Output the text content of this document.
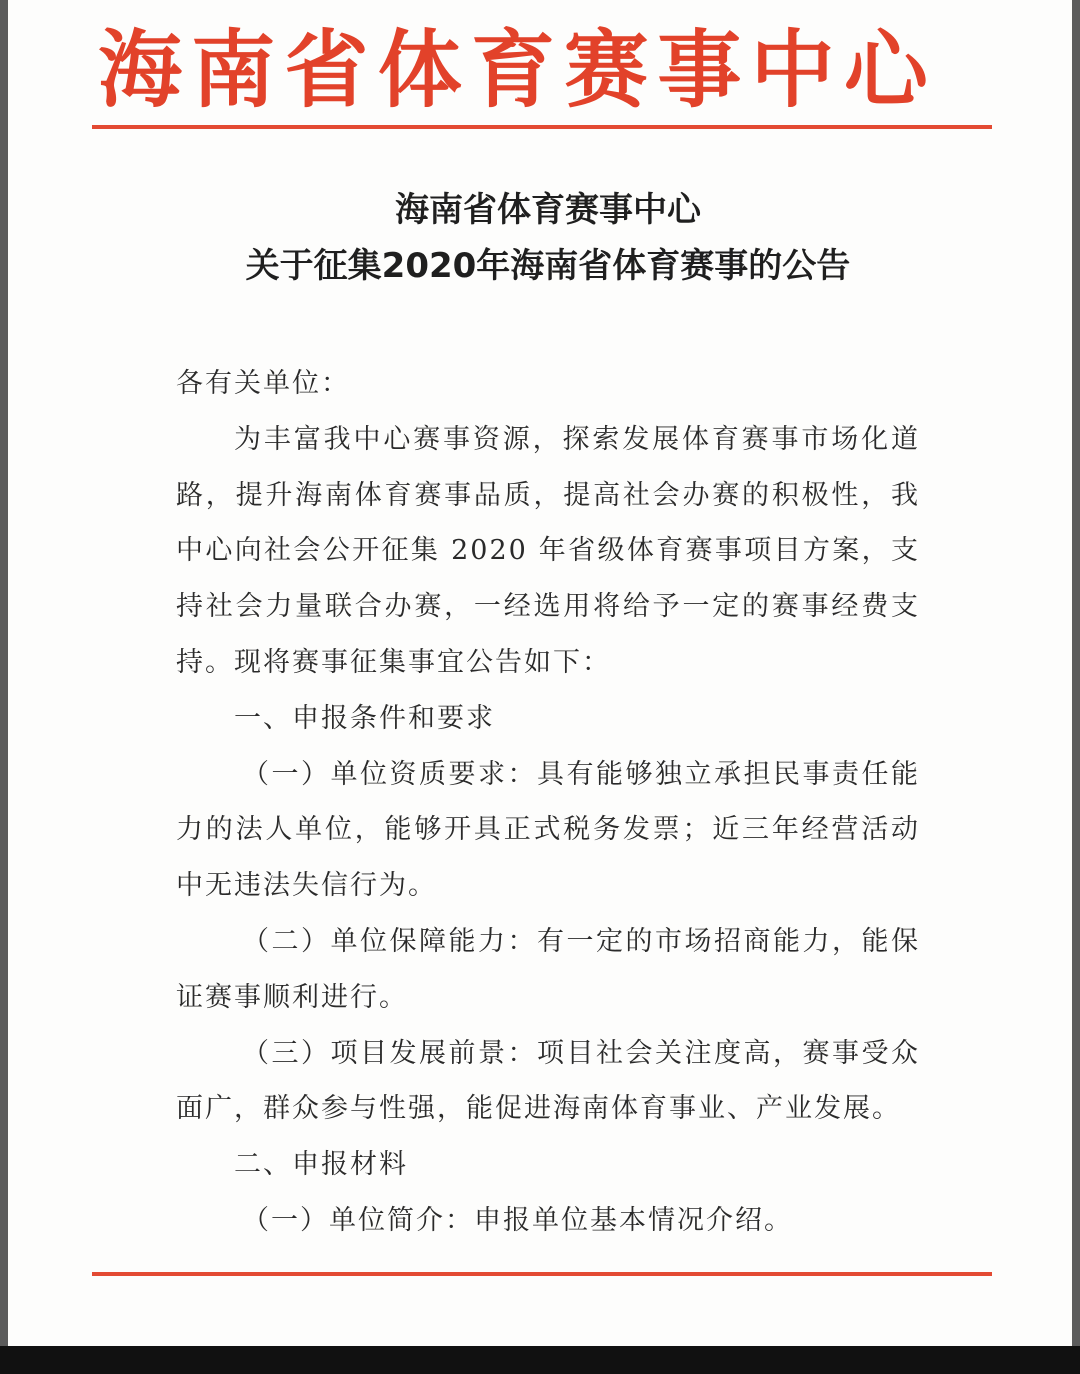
海 南 省 体 育 赛 事 中 心
海南省体育赛事中心
关于征集2020年海南省体育赛事的公告

各有关单位：

为丰富我中心赛事资源，探索发展体育赛事市场化道路，提升海南体育赛事品质，提高社会办赛的积极性，我中心向社会公开征集 2020 年省级体育赛事项目方案，支持社会力量联合办赛，一经选用将给予一定的赛事经费支持。现将赛事征集事宜公告如下：

一、申报条件和要求

（一）单位资质要求：具有能够独立承担民事责任能力的法人单位，能够开具正式税务发票；近三年经营活动中无违法失信行为。

（二）单位保障能力：有一定的市场招商能力，能保证赛事顺利进行。

（三）项目发展前景：项目社会关注度高，赛事受众面广，群众参与性强，能促进海南体育事业、产业发展。

二、申报材料

（一）单位简介：申报单位基本情况介绍。
